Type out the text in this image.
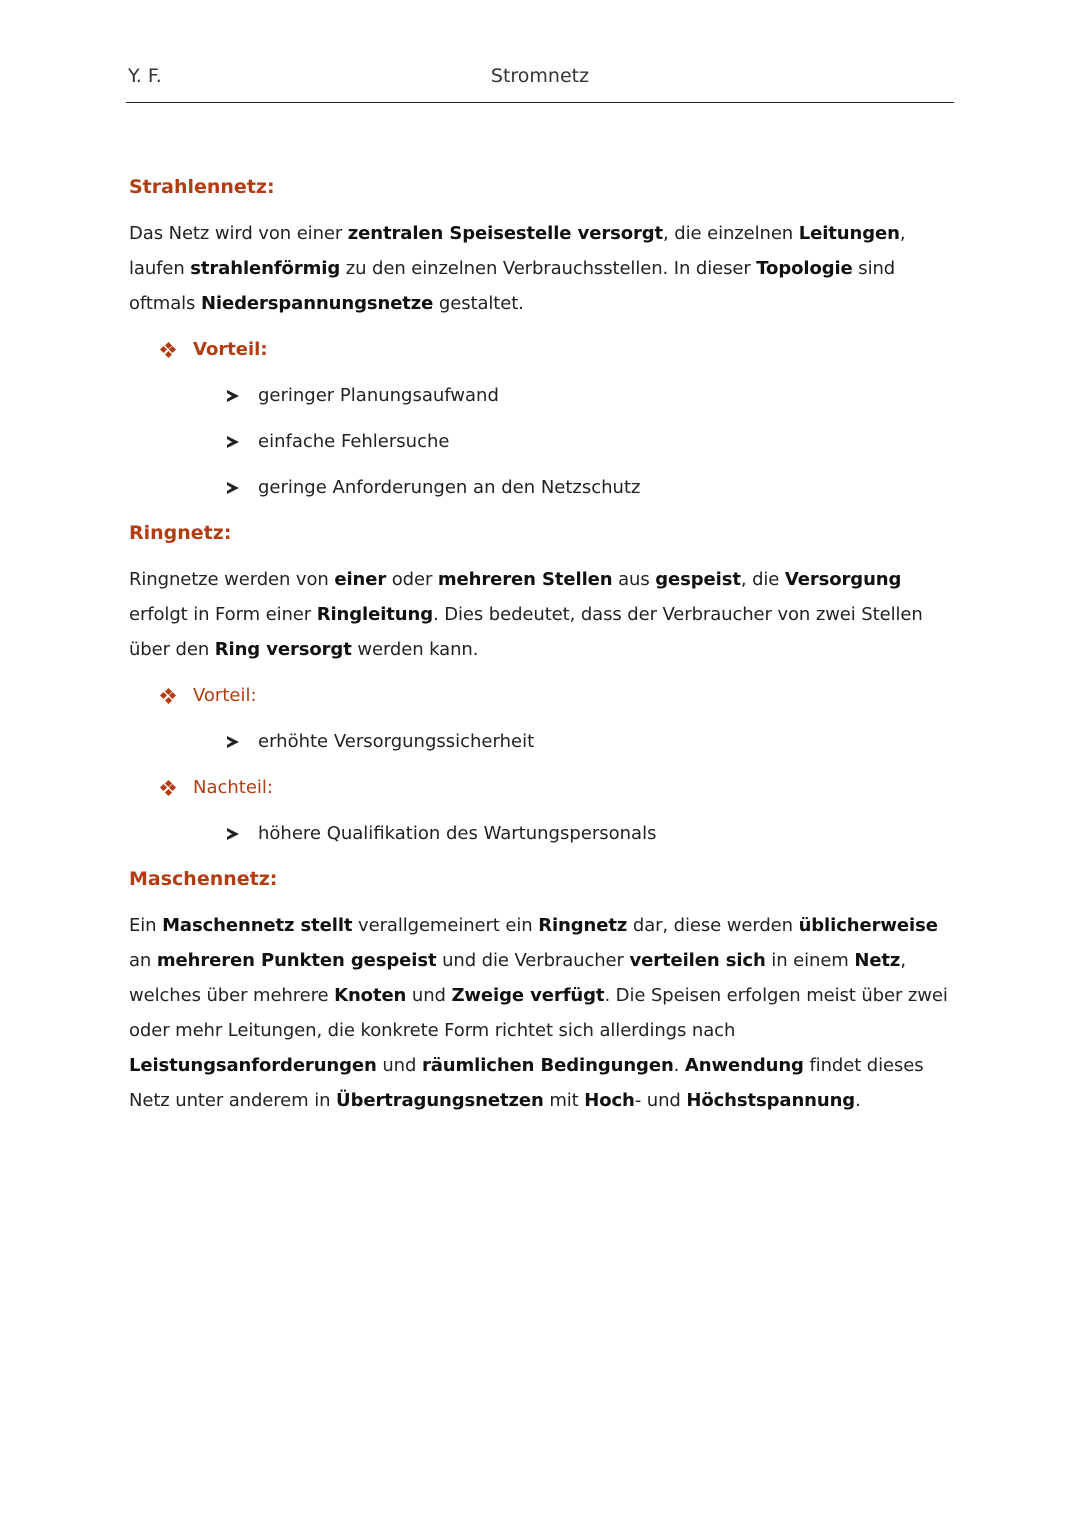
Y. F.	Stromnetz
Strahlennetz:

Das Netz wird von einer zentralen Speisestelle versorgt, die einzelnen Leitungen, laufen strahlenförmig zu den einzelnen Verbrauchsstellen. In dieser Topologie sind oftmals Niederspannungsnetze gestaltet.

Vorteil:
geringer Planungsaufwand
einfache Fehlersuche
geringe Anforderungen an den Netzschutz
Ringnetz:

Ringnetze werden von einer oder mehreren Stellen aus gespeist, die Versorgung erfolgt in Form einer Ringleitung. Dies bedeutet, dass der Verbraucher von zwei Stellen über den Ring versorgt werden kann.

Vorteil:
erhöhte Versorgungssicherheit
Nachteil:
höhere Qualifikation des Wartungspersonals
Maschennetz:

Ein Maschennetz stellt verallgemeinert ein Ringnetz dar, diese werden üblicherweise an mehreren Punkten gespeist und die Verbraucher verteilen sich in einem Netz, welches über mehrere Knoten und Zweige verfügt. Die Speisen erfolgen meist über zwei oder mehr Leitungen, die konkrete Form richtet sich allerdings nach Leistungsanforderungen und räumlichen Bedingungen. Anwendung findet dieses Netz unter anderem in Übertragungsnetzen mit Hoch- und Höchstspannung.
